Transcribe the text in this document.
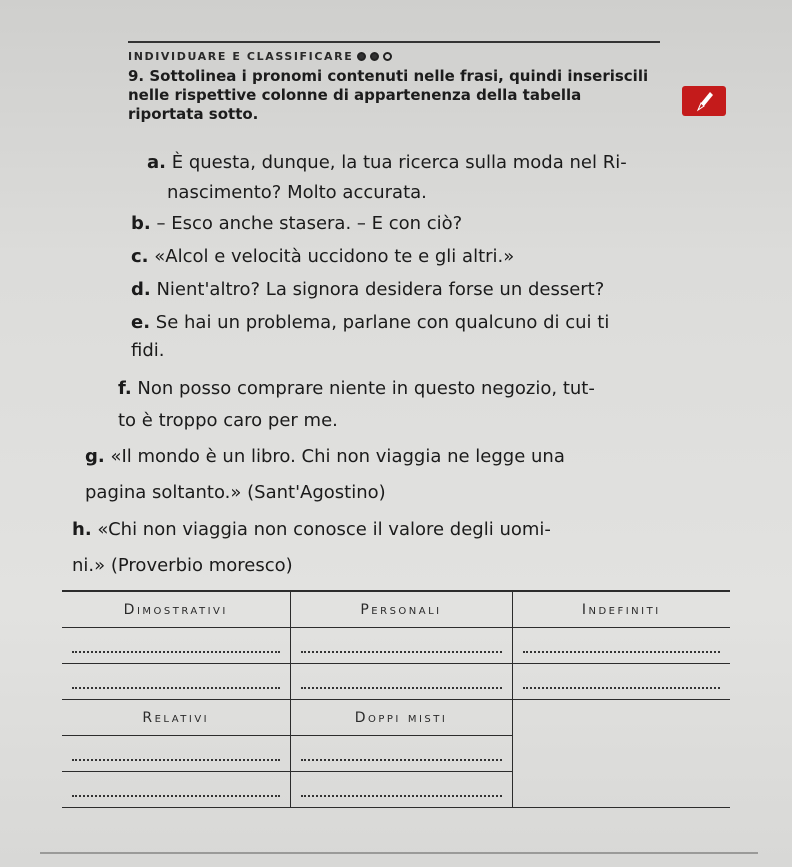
INDIVIDUARE E CLASSIFICARE
9. Sottolinea i pronomi contenuti nelle frasi, quindi inseriscili nelle rispettive colonne di appartenenza della tabella riportata sotto.
a. È questa, dunque, la tua ricerca sulla moda nel Ri-
nascimento? Molto accurata.
b. – Esco anche stasera. – E con ciò?
c. «Alcol e velocità uccidono te e gli altri.»
d. Nient'altro? La signora desidera forse un dessert?
e. Se hai un problema, parlane con qualcuno di cui ti
fidi.
f. Non posso comprare niente in questo negozio, tut-
to è troppo caro per me.
g. «Il mondo è un libro. Chi non viaggia ne legge una
pagina soltanto.» (Sant'Agostino)
h. «Chi non viaggia non conosce il valore degli uomi-
ni.» (Proverbio moresco)
Dimostrativi	Personali	Indefiniti

Relativi	Doppi misti	
